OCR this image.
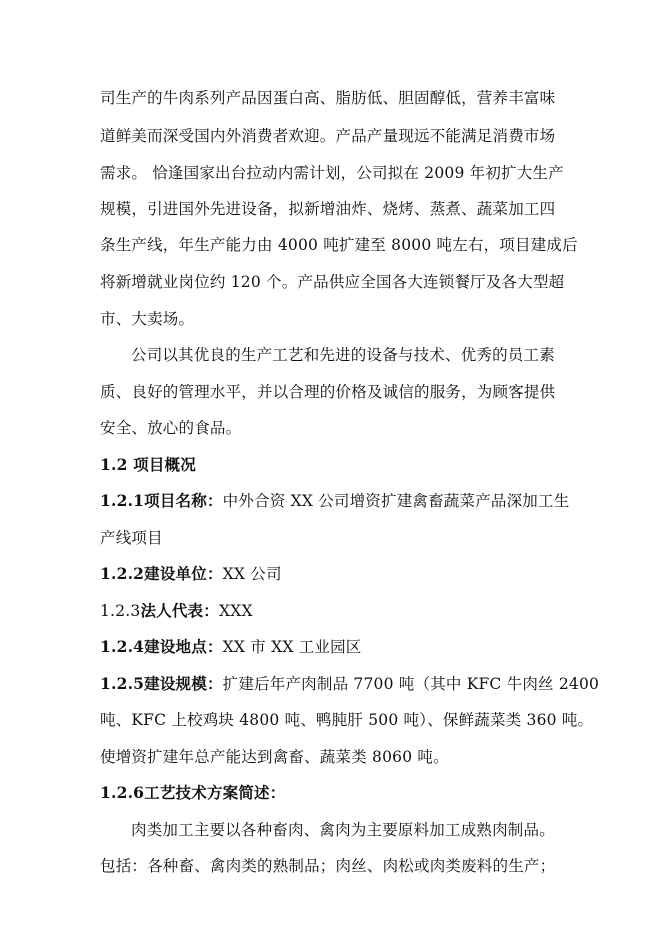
司生产的牛肉系列产品因蛋白高、脂肪低、胆固醇低，营养丰富味
道鲜美而深受国内外消费者欢迎。产品产量现远不能满足消费市场
需求。 恰逢国家出台拉动内需计划，公司拟在 2009 年初扩大生产
规模，引进国外先进设备，拟新增油炸、烧烤、蒸煮、蔬菜加工四
条生产线，年生产能力由 4000 吨扩建至 8000 吨左右，项目建成后
将新增就业岗位约 120 个。产品供应全国各大连锁餐厅及各大型超
市、大卖场。
公司以其优良的生产工艺和先进的设备与技术、优秀的员工素
质、良好的管理水平，并以合理的价格及诚信的服务，为顾客提供
安全、放心的食品。
1.2 项目概况
1.2.1项目名称：中外合资 XX 公司增资扩建禽畜蔬菜产品深加工生
产线项目
1.2.2建设单位：XX 公司
1.2.3法人代表：XXX
1.2.4建设地点：XX 市 XX 工业园区
1.2.5建设规模：扩建后年产肉制品 7700 吨（其中 KFC 牛肉丝 2400
吨、KFC 上校鸡块 4800 吨、鸭肫肝 500 吨）、保鲜蔬菜类 360 吨。
使增资扩建年总产能达到禽畜、蔬菜类 8060 吨。
1.2.6工艺技术方案简述：
肉类加工主要以各种畜肉、禽肉为主要原料加工成熟肉制品。
包括：各种畜、禽肉类的熟制品；肉丝、肉松或肉类废料的生产；
